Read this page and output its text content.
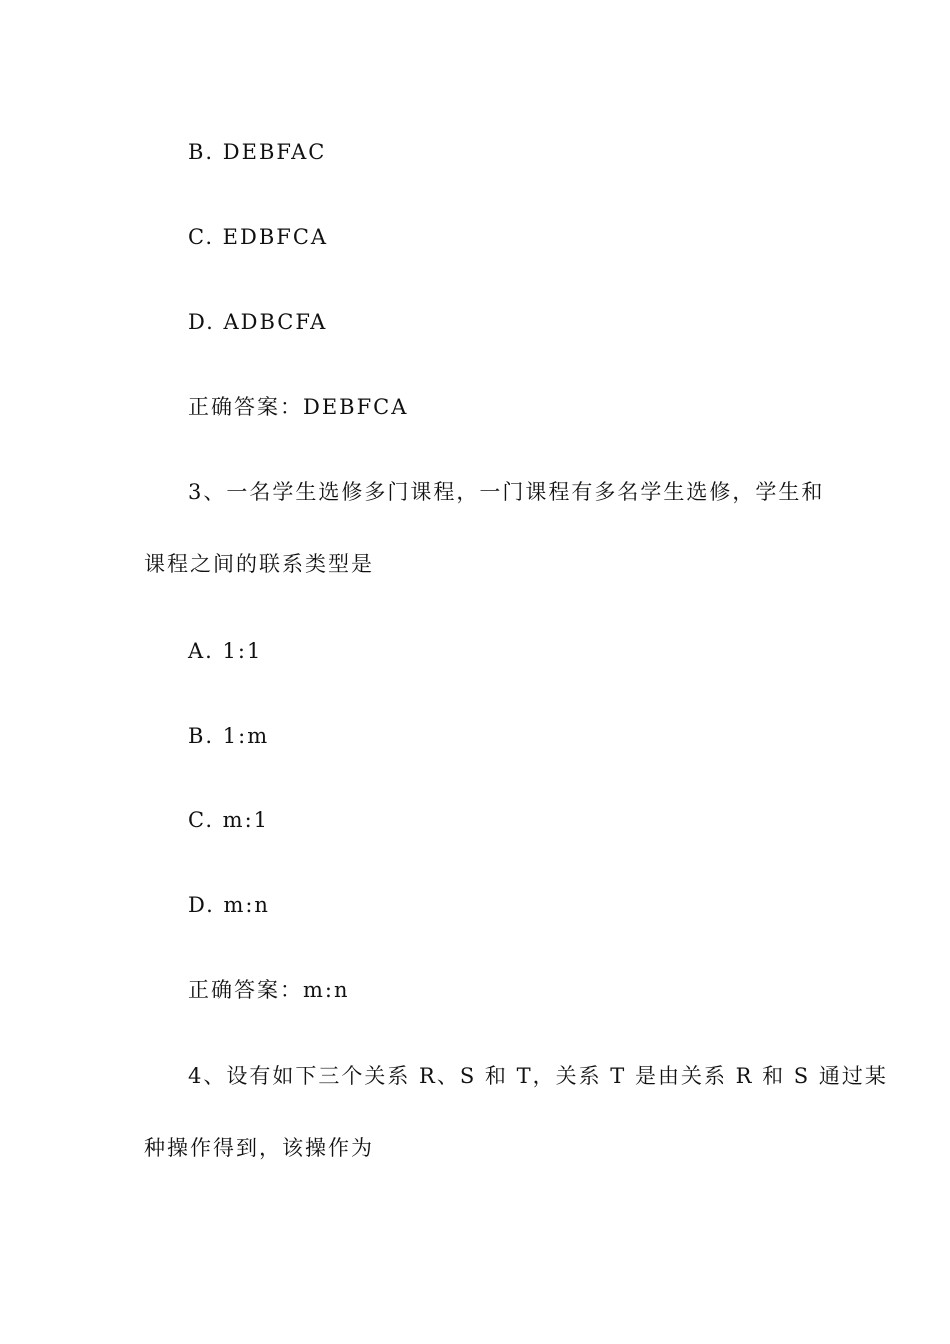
B. DEBFAC
C. EDBFCA
D. ADBCFA
正确答案：DEBFCA
3、一名学生选修多门课程，一门课程有多名学生选修，学生和
课程之间的联系类型是
A. 1:1
B. 1:m
C. m:1
D. m:n
正确答案：m:n
4、设有如下三个关系 R、S 和 T，关系 T 是由关系 R 和 S 通过某
种操作得到，该操作为
